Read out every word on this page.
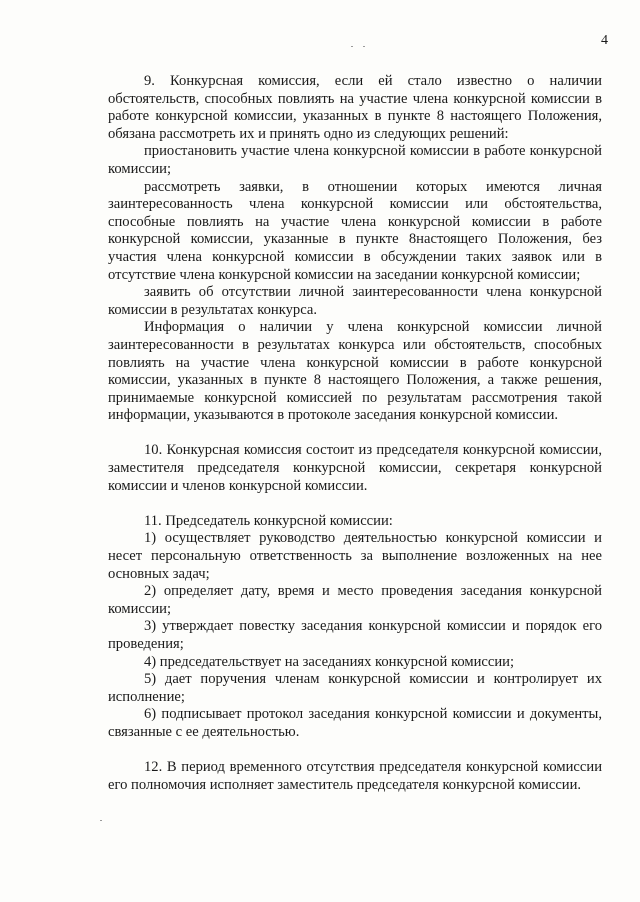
4

9. Конкурсная комиссия, если ей стало известно о наличии обстоятельств, способных повлиять на участие члена конкурсной комиссии в работе конкурсной комиссии, указанных в пункте 8 настоящего Положения, обязана рассмотреть их и принять одно из следующих решений:

приостановить участие члена конкурсной комиссии в работе конкурсной комиссии;

рассмотреть заявки, в отношении которых имеются личная заинтересованность члена конкурсной комиссии или обстоятельства, способные повлиять на участие члена конкурсной комиссии в работе конкурсной комиссии, указанные в пункте 8настоящего Положения, без участия члена конкурсной комиссии в обсуждении таких заявок или в отсутствие члена конкурсной комиссии на заседании конкурсной комиссии;

заявить об отсутствии личной заинтересованности члена конкурсной комиссии в результатах конкурса.

Информация о наличии у члена конкурсной комиссии личной заинтересованности в результатах конкурса или обстоятельств, способных повлиять на участие члена конкурсной комиссии в работе конкурсной комиссии, указанных в пункте 8 настоящего Положения, а также решения, принимаемые конкурсной комиссией по результатам рассмотрения такой информации, указываются в протоколе заседания конкурсной комиссии.

10. Конкурсная комиссия состоит из председателя конкурсной комиссии, заместителя председателя конкурсной комиссии, секретаря конкурсной комиссии и членов конкурсной комиссии.

11. Председатель конкурсной комиссии:

1) осуществляет руководство деятельностью конкурсной комиссии и несет персональную ответственность за выполнение возложенных на нее основных задач;

2) определяет дату, время и место проведения заседания конкурсной комиссии;

3) утверждает повестку заседания конкурсной комиссии и порядок его проведения;

4) председательствует на заседаниях конкурсной комиссии;

5) дает поручения членам конкурсной комиссии и контролирует их исполнение;

6) подписывает протокол заседания конкурсной комиссии и документы, связанные с ее деятельностью.

12. В период временного отсутствия председателя конкурсной комиссии его полномочия исполняет заместитель председателя конкурсной комиссии.
